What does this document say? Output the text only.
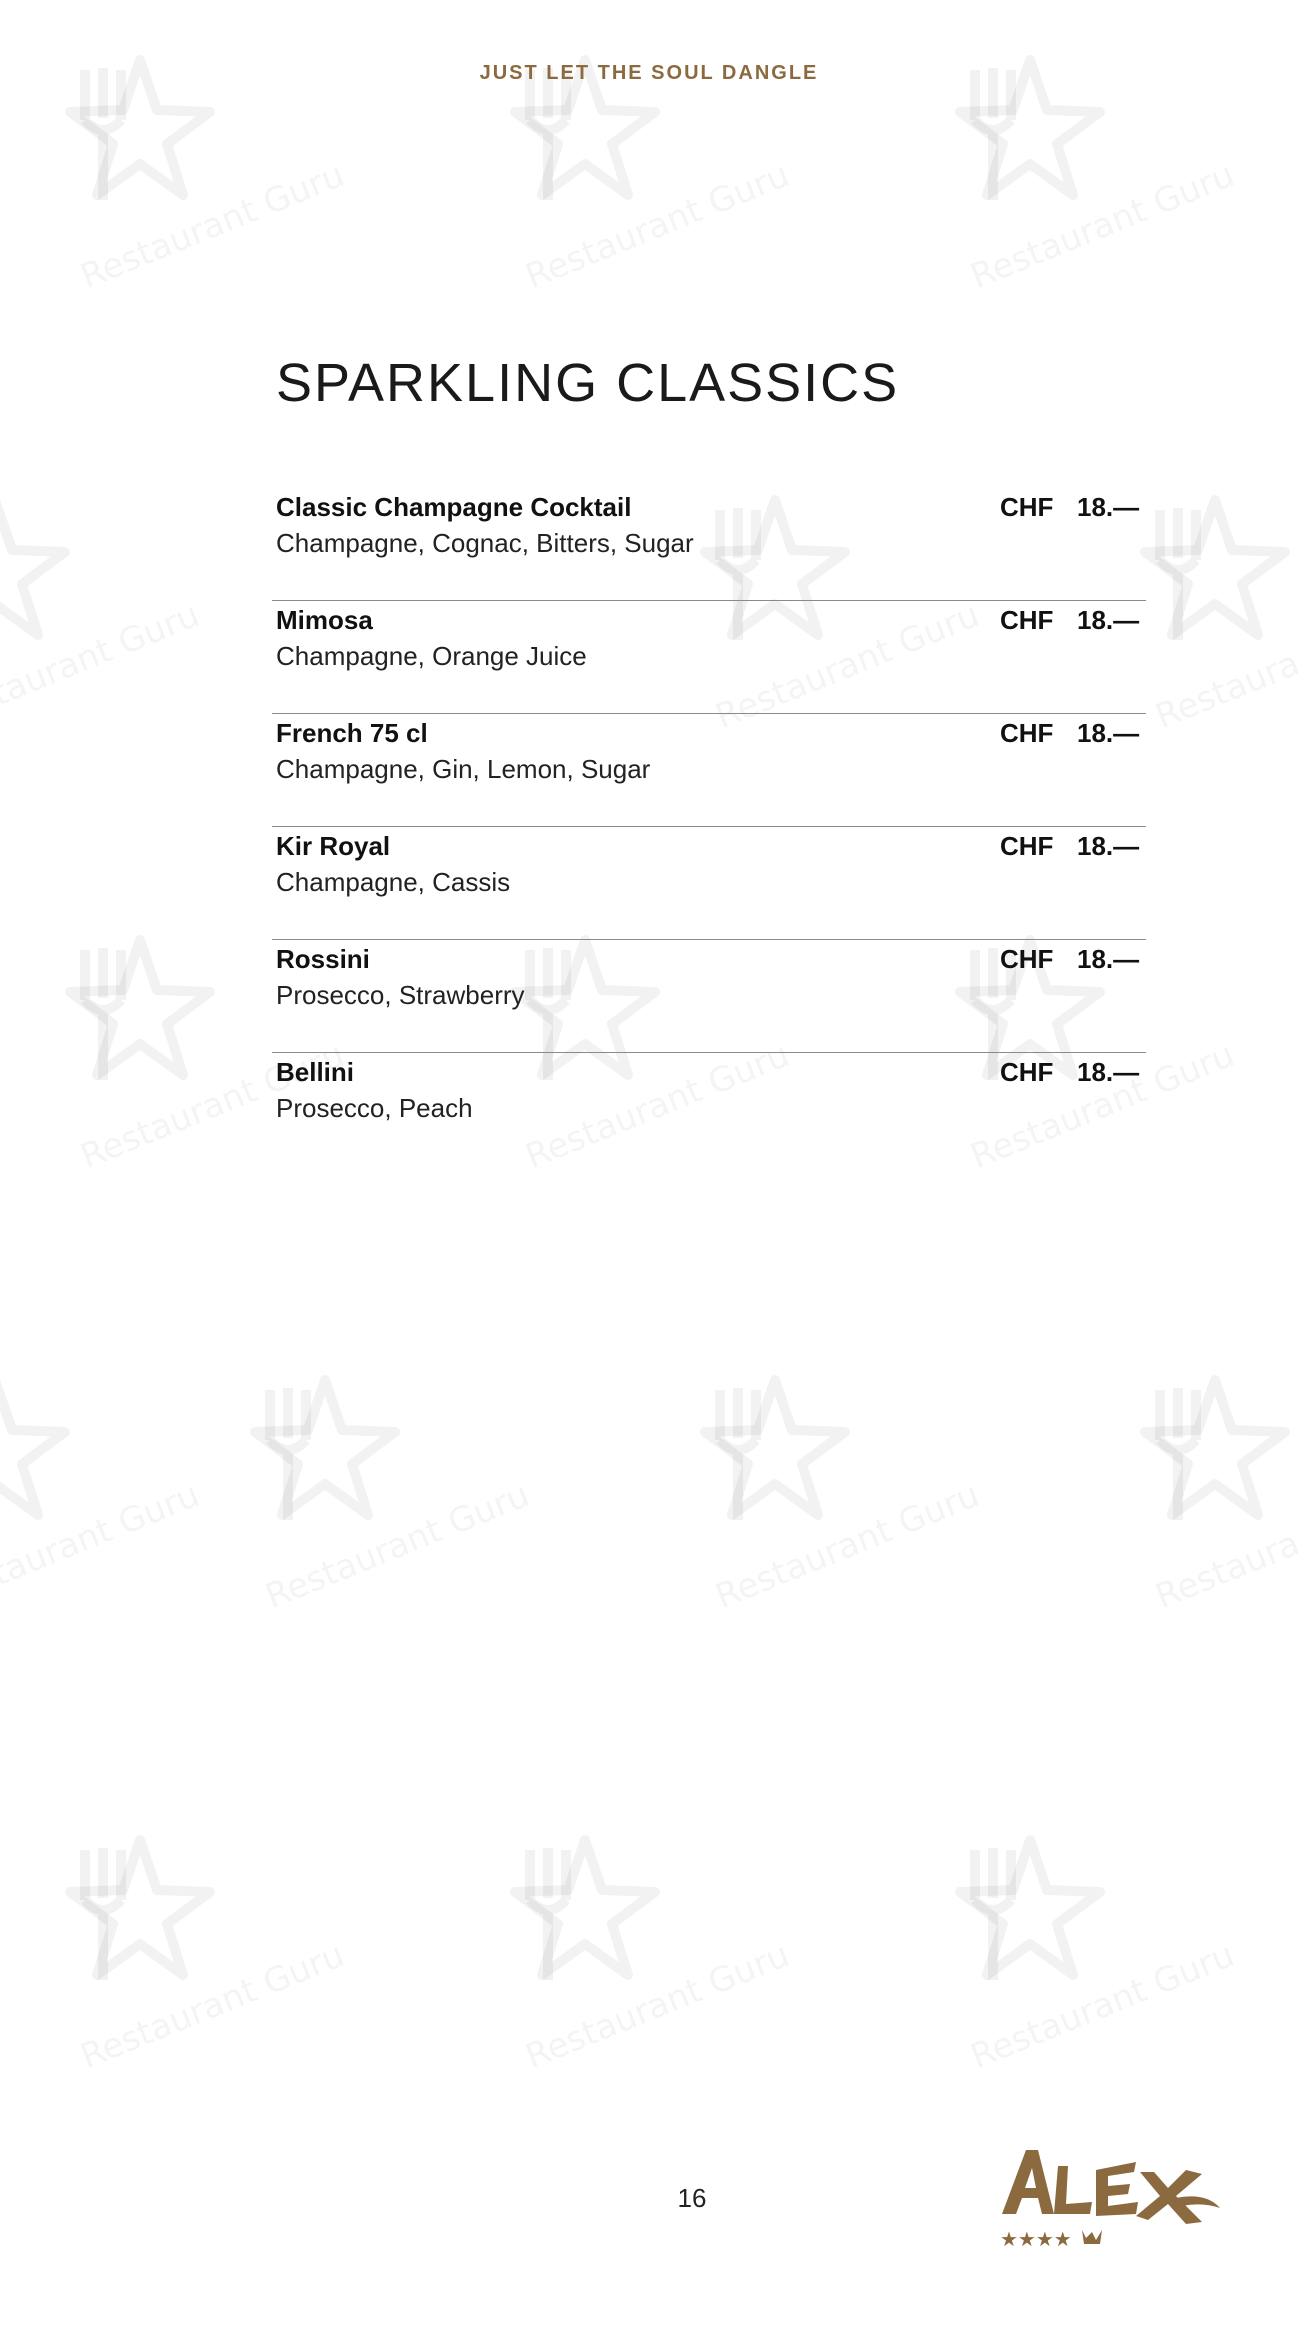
JUST LET THE SOUL DANGLE
SPARKLING CLASSICS
Classic Champagne Cocktail
Champagne, Cognac, Bitters, Sugar
CHF 18.—
Mimosa
Champagne, Orange Juice
CHF 18.—
French 75 cl
Champagne, Gin, Lemon, Sugar
CHF 18.—
Kir Royal
Champagne, Cassis
CHF 18.—
Rossini
Prosecco, Strawberry
CHF 18.—
Bellini
Prosecco, Peach
CHF 18.—
16
★★★★
